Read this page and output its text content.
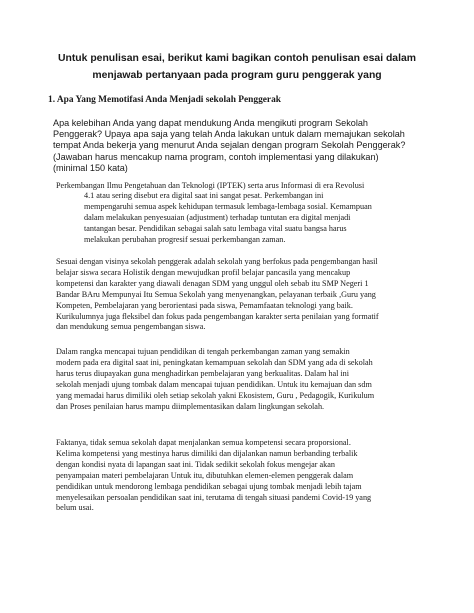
Untuk penulisan esai, berikut kami bagikan contoh penulisan esai dalam
menjawab pertanyaan pada program guru penggerak yang
1. Apa Yang Memotifasi Anda Menjadi sekolah Penggerak
Apa kelebihan Anda yang dapat mendukung Anda mengikuti program Sekolah
Penggerak? Upaya apa saja yang telah Anda lakukan untuk dalam memajukan sekolah
tempat Anda bekerja yang menurut Anda sejalan dengan program Sekolah Penggerak?
(Jawaban harus mencakup nama program, contoh implementasi yang dilakukan)
(minimal 150 kata)
Perkembangan Ilmu Pengetahuan dan Teknologi (IPTEK) serta arus Informasi di era Revolusi
4.1 atau sering disebut era digital saat ini sangat pesat. Perkembangan ini
mempengaruhi semua aspek kehidupan termasuk lembaga-lembaga sosial. Kemampuan
dalam melakukan penyesuaian (adjustment) terhadap tuntutan era digital menjadi
tantangan besar. Pendidikan sebagai salah satu lembaga vital suatu bangsa harus
melakukan perubahan progresif sesuai perkembangan zaman.
Sesuai dengan visinya sekolah penggerak adalah sekolah yang berfokus pada pengembangan hasil
belajar siswa secara Holistik dengan mewujudkan profil belajar pancasila yang mencakup
kompetensi dan karakter yang diawali denagan SDM yang unggul oleh sebab itu SMP Negeri 1
Bandar BAru Mempunyai Itu Semua Sekolah yang menyenangkan, pelayanan terbaik ,Guru yang
Kompeten, Pembelajaran yang berorientasi pada siswa, Pemamfaatan teknologi yang baik.
Kurikulumnya juga fleksibel dan fokus pada pengembangan karakter serta penilaian yang formatif
dan mendukung semua pengembangan siswa.
Dalam rangka mencapai tujuan pendidikan di tengah perkembangan zaman yang semakin
modern pada era digital saat ini, peningkatan kemampuan sekolah dan SDM yang ada di sekolah
harus terus diupayakan guna menghadirkan pembelajaran yang berkualitas. Dalam hal ini
sekolah menjadi ujung tombak dalam mencapai tujuan pendidikan. Untuk itu kemajuan dan sdm
yang memadai harus dimiliki oleh setiap sekolah yakni Ekosistem, Guru , Pedagogik, Kurikulum
dan Proses penilaian harus mampu diimplementasikan dalam lingkungan sekolah.
Faktanya, tidak semua sekolah dapat menjalankan semua kompetensi secara proporsional.
Kelima kompetensi yang mestinya harus dimiliki dan dijalankan namun berbanding terbalik
dengan kondisi nyata di lapangan saat ini. Tidak sedikit sekolah fokus mengejar akan
penyampaian materi pembelajaran Untuk itu, dibutuhkan elemen-elemen penggerak dalam
pendidikan untuk mendorong lembaga pendidikan sebagai ujung tombak menjadi lebih tajam
menyelesaikan persoalan pendidikan saat ini, terutama di tengah situasi pandemi Covid-19 yang
belum usai.
